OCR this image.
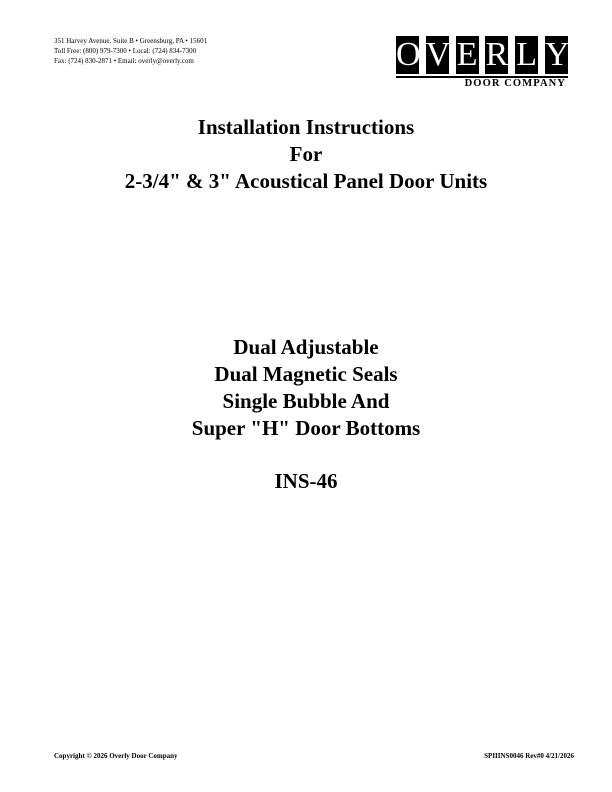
351 Harvey Avenue, Suite B • Greensburg, PA • 15601
Toll Free: (800) 979-7300 • Local: (724) 834-7300
Fax: (724) 830-2871 • Email: overly@overly.com	O V E R L Y
DOOR COMPANY
Installation Instructions
For
2-3/4" & 3" Acoustical Panel Door Units
Dual Adjustable
Dual Magnetic Seals
Single Bubble And
Super "H" Door Bottoms
INS-46
Copyright © 2026 Overly Door Company	SPIIINS0046 Rev#0 4/21/2026
